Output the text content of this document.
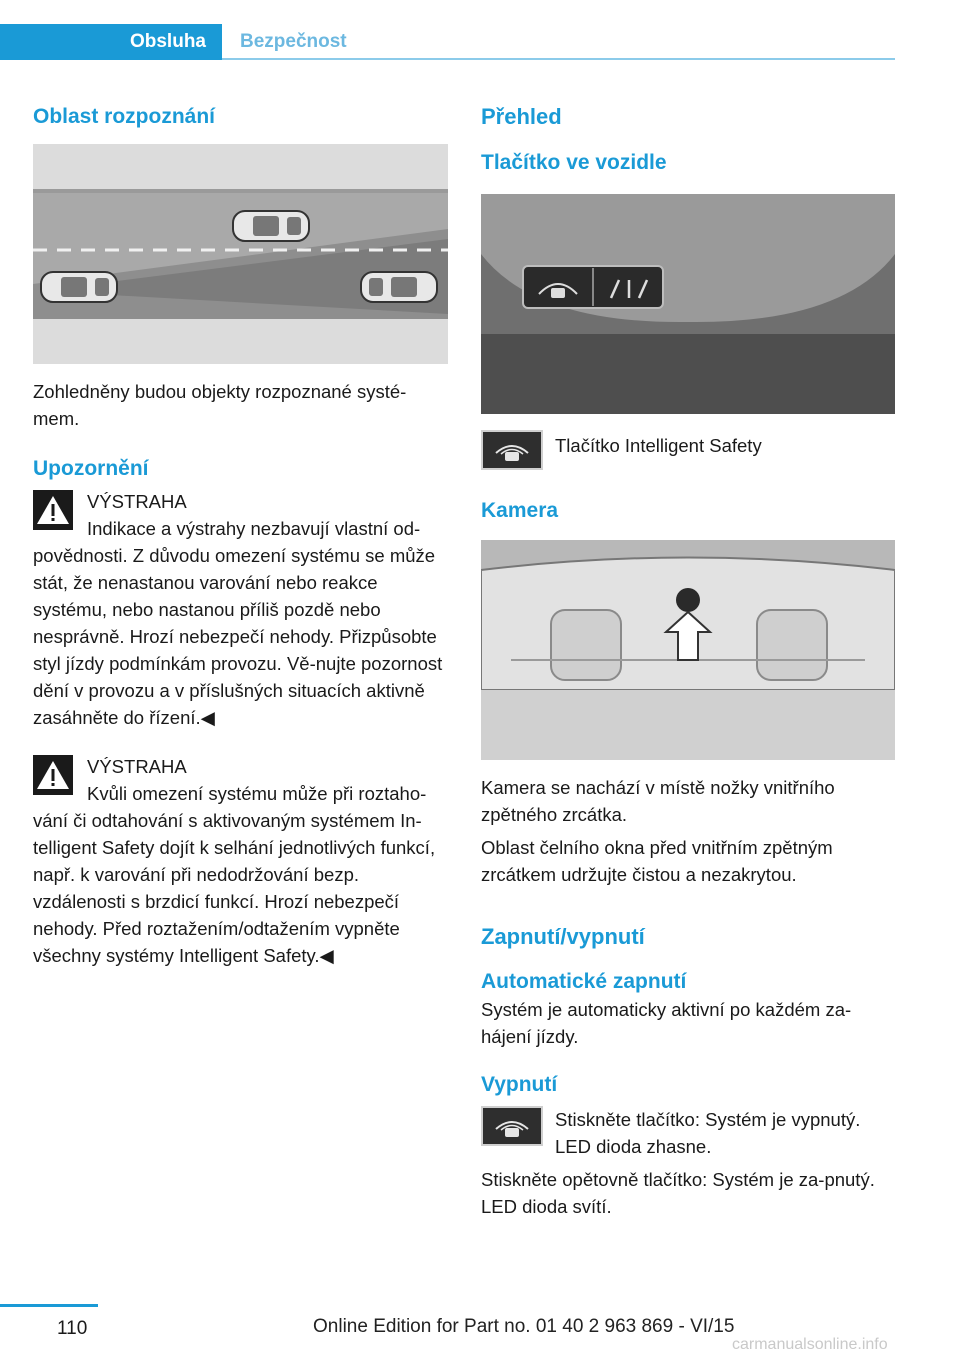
Obsluha	Bezpečnost
Oblast rozpoznání

Zohledněny budou objekty rozpoznané systé-mem.

Upozornění
VÝSTRAHA

Indikace a výstrahy nezbavují vlastní od-povědnosti. Z důvodu omezení systému se může stát, že nenastanou varování nebo reakce systému, nebo nastanou příliš pozdě nebo nesprávně. Hrozí nebezpečí nehody. Přizpůsobte styl jízdy podmínkám provozu. Vě-nujte pozornost dění v provozu a v příslušných situacích aktivně zasáhněte do řízení.◀

VÝSTRAHA

Kvůli omezení systému může při roztaho-vání či odtahování s aktivovaným systémem In-telligent Safety dojít k selhání jednotlivých funkcí, např. k varování při nedodržování bezp. vzdálenosti s brzdicí funkcí. Hrozí nebezpečí nehody. Před roztažením/odtažením vypněte všechny systémy Intelligent Safety.◀

Přehled
Tlačítko ve vozidle

Tlačítko Intelligent Safety

Kamera

Kamera se nachází v místě nožky vnitřního zpětného zrcátka.

Oblast čelního okna před vnitřním zpětným zrcátkem udržujte čistou a nezakrytou.

Zapnutí/vypnutí
Automatické zapnutí

Systém je automaticky aktivní po každém za-hájení jízdy.

Vypnutí

Stiskněte tlačítko: Systém je vypnutý. LED dioda zhasne.

Stiskněte opětovně tlačítko: Systém je za-pnutý. LED dioda svítí.

110	Online Edition for Part no. 01 40 2 963 869 - VI/15
carmanualsonline.info
